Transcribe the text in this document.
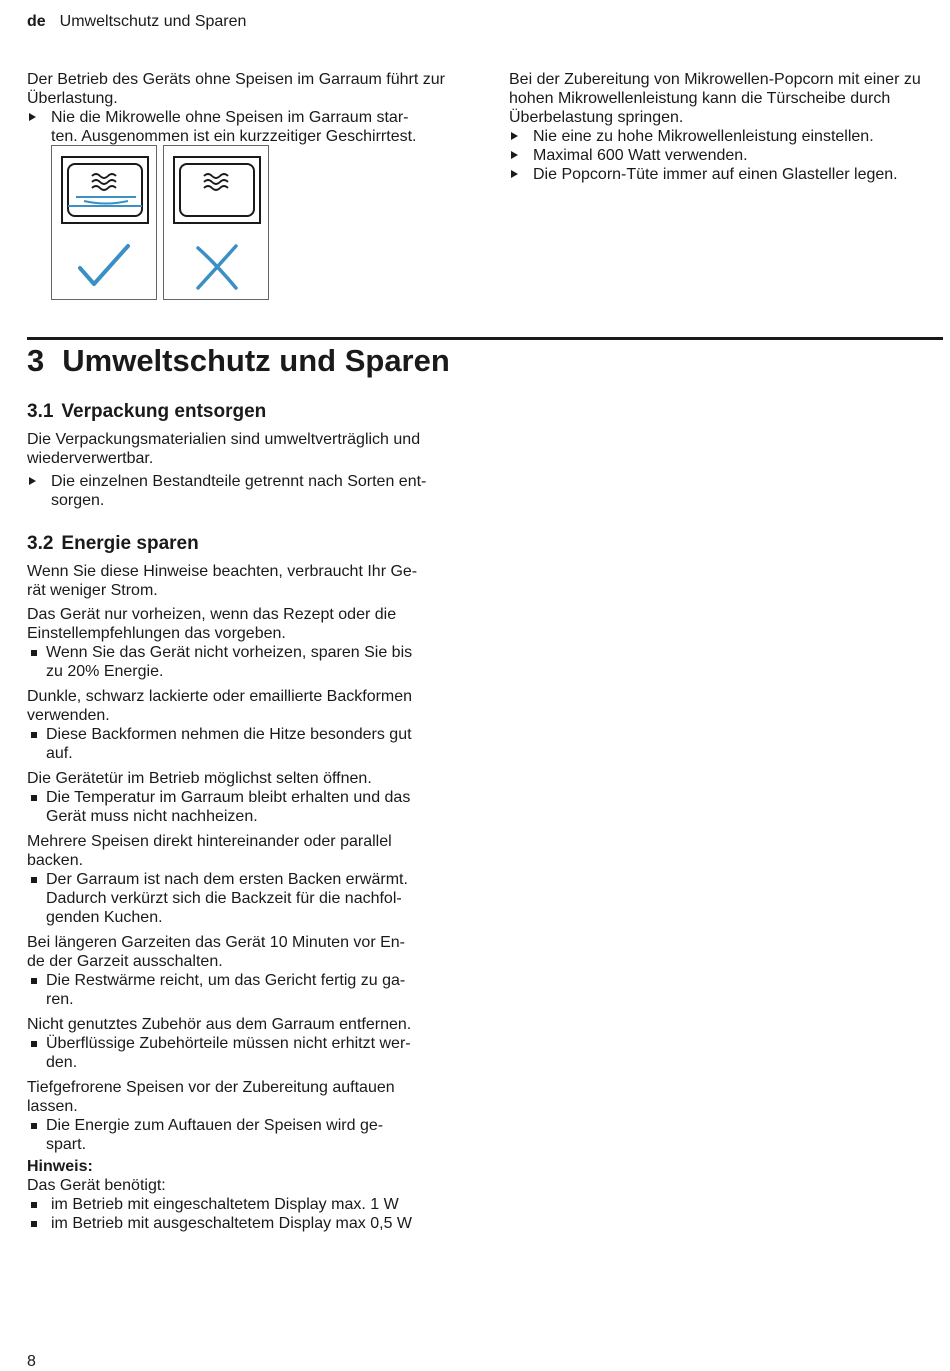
de Umweltschutz und Sparen

Der Betrieb des Geräts ohne Speisen im Garraum führt zur Überlastung.

Nie die Mikrowelle ohne Speisen im Garraum star-
ten. Ausgenommen ist ein kurzzeitiger Geschirrtest.

Bei der Zubereitung von Mikrowellen-Popcorn mit einer zu hohen Mikrowellenleistung kann die Türscheibe durch Überbelastung springen.

Nie eine zu hohe Mikrowellenleistung einstellen.
Maximal 600 Watt verwenden.
Die Popcorn-Tüte immer auf einen Glasteller legen.
3 Umweltschutz und Sparen
3.1 Verpackung entsorgen

Die Verpackungsmaterialien sind umweltverträglich und wiederverwertbar.

Die einzelnen Bestandteile getrennt nach Sorten ent-
sorgen.
3.2 Energie sparen

Wenn Sie diese Hinweise beachten, verbraucht Ihr Ge-
rät weniger Strom.

Das Gerät nur vorheizen, wenn das Rezept oder die
Einstellempfehlungen das vorgeben.

Wenn Sie das Gerät nicht vorheizen, sparen Sie bis
zu 20% Energie.

Dunkle, schwarz lackierte oder emaillierte Backformen
verwenden.

Diese Backformen nehmen die Hitze besonders gut
auf.

Die Gerätetür im Betrieb möglichst selten öffnen.

Die Temperatur im Garraum bleibt erhalten und das
Gerät muss nicht nachheizen.

Mehrere Speisen direkt hintereinander oder parallel
backen.

Der Garraum ist nach dem ersten Backen erwärmt.
Dadurch verkürzt sich die Backzeit für die nachfol-
genden Kuchen.

Bei längeren Garzeiten das Gerät 10 Minuten vor En-
de der Garzeit ausschalten.

Die Restwärme reicht, um das Gericht fertig zu ga-
ren.

Nicht genutztes Zubehör aus dem Garraum entfernen.

Überflüssige Zubehörteile müssen nicht erhitzt wer-
den.

Tiefgefrorene Speisen vor der Zubereitung auftauen
lassen.

Die Energie zum Auftauen der Speisen wird ge-
spart.

Hinweis:

Das Gerät benötigt:

im Betrieb mit eingeschaltetem Display max. 1 W
im Betrieb mit ausgeschaltetem Display max 0,5 W
8
